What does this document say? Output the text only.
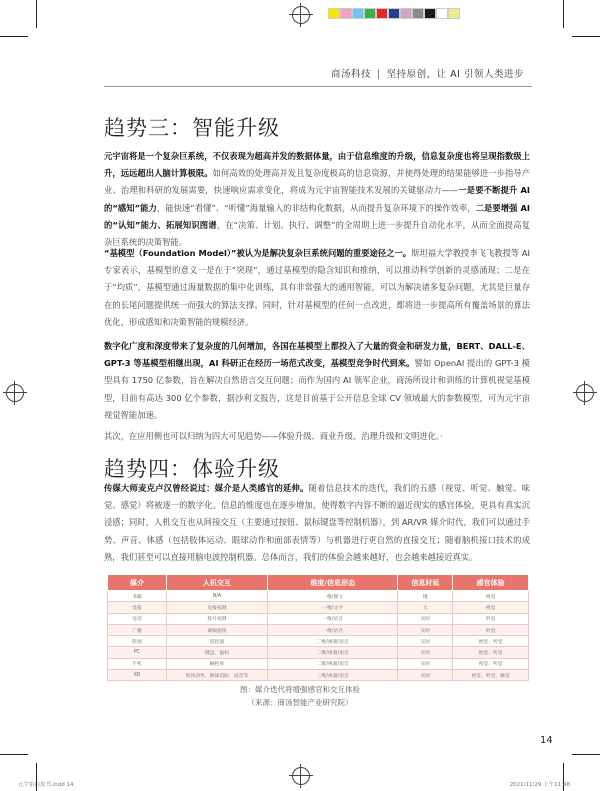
商汤科技 | 坚持原创，让 AI 引领人类进步
趋势三：智能升级
元宇宙将是一个复杂巨系统，不仅表现为超高并发的数据体量，由于信息维度的升级，信息复杂度也将呈现指数级上升，远远超出人脑计算极限。如何高效的处理高并发且复杂度极高的信息资源，并使得处理的结果能够进一步指导产业、治理和科研的发展需要，快速响应需求变化，将成为元宇宙智能技术发展的关键驱动力——一是要不断提升 AI 的“感知”能力，能快速“看懂”、“听懂”海量输入的非结构化数据，从而提升复杂环境下的操作效率，二是要增强 AI 的“认知”能力、拓展知识图谱，在“决策、计划、执行、调整”的全周期上进一步提升自动化水平，从而全面提高复杂巨系统的决策智能。
“基模型（Foundation Model）”被认为是解决复杂巨系统问题的重要途径之一。斯坦福大学教授李飞飞教授等 AI 专家表示，基模型的意义一是在于“突现”，通过基模型的隐含知识和推纳，可以推动科学创新的灵感涌现；二是在于“均质”，基模型通过海量数据的集中化训练，具有非常强大的通用智能，可以为解决诸多复杂问题，尤其是巨量存在的长尾问题提供统一而强大的算法支撑。同时，针对基模型的任何一点改进，都将进一步提高所有覆盖场景的算法优化，形成感知和决策智能的规模经济。
数字化广度和深度带来了复杂度的几何增加，各国在基模型上都投入了大量的资金和研发力量，BERT、DALL-E、GPT-3 等基模型相继出现，AI 科研正在经历一场范式改变，基模型竞争时代到来。譬如 OpenAI 提出的 GPT-3 模型具有 1750 亿参数，旨在解决自然语言交互问题；而作为国内 AI 领军企业，商汤所设计和训练的计算机视觉基模型，目前有高达 300 亿个参数，据沙利文报告，这是目前基于公开信息全球 CV 领域最大的参数模型，可为元宇宙视觉智能加速。
其次，在应用侧也可以归纳为四大可见趋势——体验升级、商业升级、治理升级和文明进化。·
趋势四：体验升级
传媒大师麦克卢汉曾经说过：媒介是人类感官的延伸。随着信息技术的迭代，我们的五感（视觉、听觉、触觉、味觉、感觉）将被逐一的数字化。信息的维度也在逐步增加，使得数字内容不断的逼近现实的感官体验，更具有真实沉浸感；同时，人机交互也从间接交互（主要通过按钮、鼠标键盘等控制机器），到 AR/VR 媒介时代，我们可以通过手势、声音、体感（包括肢体运动、眼球动作和面部表情等）与机器进行更自然的直接交互；随着脑机接口技术的成熟，我们甚至可以直接用脑电波控制机器。总体而言，我们的体验会越来越好，也会越来越接近真实。
媒介	人机交互	维度/信息形态	信息时延	感官体验
书籍	N/A	一维/图文	慢	视觉
电报	电报按键	一维/文字	大	视觉
电话	拨号按键	一维/语音	实时	听觉
广播	调频旋钮	一维/语音	实时	听觉
影视	遥控器	二维/视频/语音	实时	视觉、听觉
PC	键盘、鼠标	二维/视频/语音	实时	视觉、听觉
手机	触控屏	二维/视频/语音	实时	视觉、听觉
XR	肢体动作、眼球追踪、语音等	三维/视频/语音	实时	视觉、听觉、触觉
图：媒介迭代将增强感官和交互体验
（来源：商汤智能产业研究院）
14
元宇宙白皮书.indd 14	2021/11/29 上午11:48
